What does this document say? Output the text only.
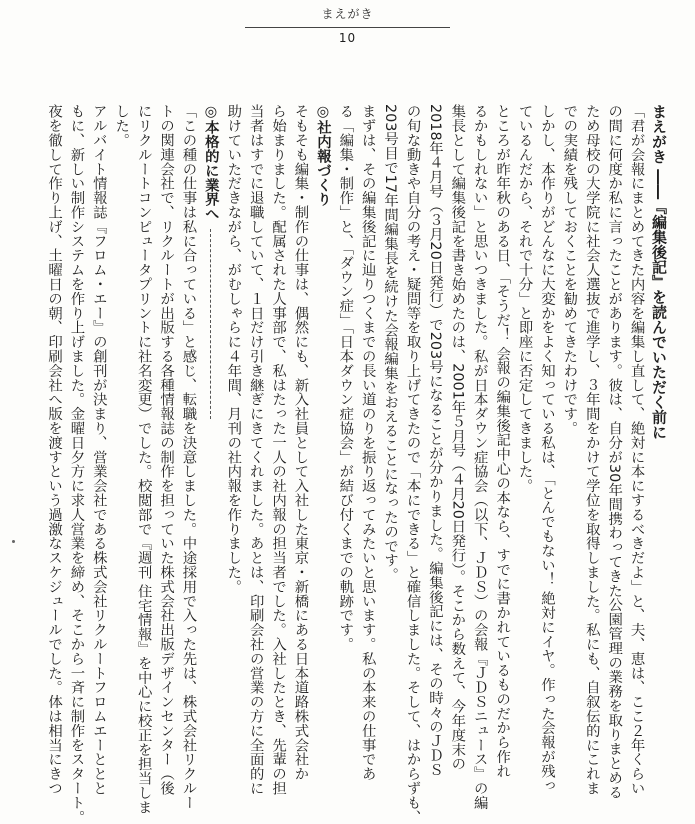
まえがき
10
まえがき ――『編集後記』を読んでいただく前に
「君が会報にまとめてきた内容を編集し直して、絶対に本にするべきだよ」と、夫、恵は、ここ２年くらい
の間に何度か私に言ったことがあります。彼は、自分が30年間携わってきた公園管理の業務を取りまとめる
ため母校の大学院に社会人選抜で進学し、３年間をかけて学位を取得しました。私にも、自叙伝的にこれま
での実績を残しておくことを勧めてきたわけです。
しかし、本作りがどんなに大変かをよく知っている私は、「とんでもない！ 絶対にイヤ。作った会報が残っ
ているんだから、それで十分」と即座に否定してきました。
ところが昨年秋のある日、「そうだ！ 会報の編集後記中心の本なら、すでに書かれているものだから作れ
るかもしれない」と思いつきました。私が日本ダウン症協会（以下、ＪＤＳ）の会報『ＪＤＳニュース』の編
集長として編集後記を書き始めたのは、2001年５月号（４月20日発行）。そこから数えて、今年度末の
2018年４月号（３月20日発行）で203号になることが分かりました。編集後記には、その時々のＪＤＳ
の旬な動きや自分の考え・疑問等を取り上げてきたので「本にできる」と確信しました。そして、はからずも、
203号目で17年間編集長を続けた会報編集をおえることになったのです。
まずは、その編集後記に辿りつくまでの長い道のりを振り返ってみたいと思います。私の本来の仕事であ
る「編集・制作」と、「ダウン症」「日本ダウン症協会」が結び付くまでの軌跡です。
◎社内報づくり
そもそも編集・制作の仕事は、偶然にも、新入社員として入社した東京・新橋にある日本道路株式会社か
ら始まりました。配属された人事部で、私はたった一人の社内報の担当者でした。入社したとき、先輩の担
当者はすでに退職していて、１日だけ引き継ぎにきてくれました。あとは、印刷会社の営業の方に全面的に
助けていただきながら、がむしゃらに４年間、月刊の社内報を作りました。
◎本格的に業界へ
「この種の仕事は私に合っている」と感じ、転職を決意しました。中途採用で入った先は、株式会社リクルー
トの関連会社で、リクルートが出版する各種情報誌の制作を担っていた株式会社出版デザインセンター（後
にリクルートコンピュータプリントに社名変更）でした。校閲部で『週刊 住宅情報』を中心に校正を担当しま
した。
アルバイト情報誌『フロム・エー』の創刊が決まり、営業会社である株式会社リクルートフロムエーととと
もに、新しい制作システムを作り上げました。金曜日夕方に求人営業を締め、そこから一斉に制作をスタート。
夜を徹して作り上げ、土曜日の朝、印刷会社へ版を渡すという過激なスケジュールでした。体は相当にきつ
